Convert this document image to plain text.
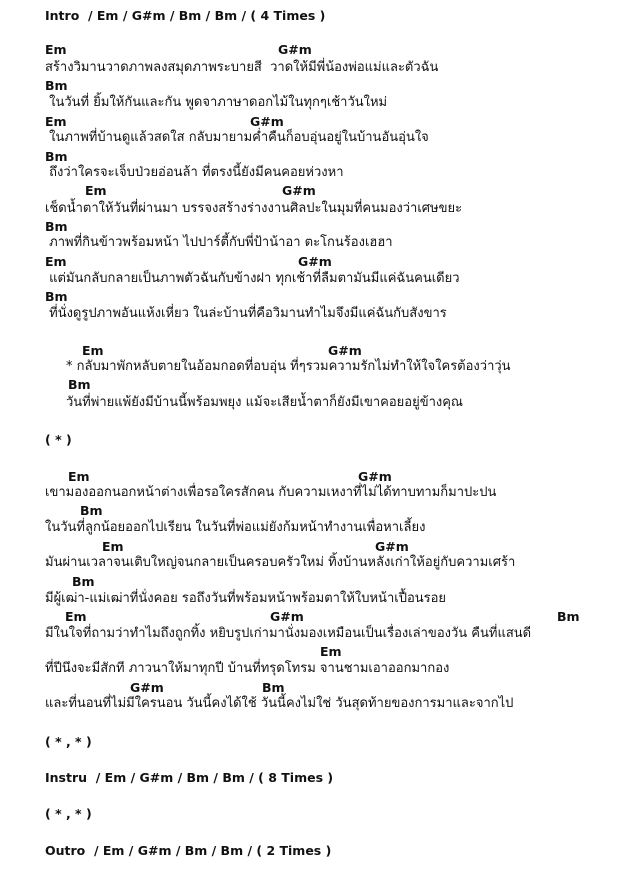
Intro  / Em / G#m / Bm / Bm / ( 4 Times )
Em	G#m
สร้างวิมานวาดภาพลงสมุดภาพระบายสี  วาดให้มีพี่น้องพ่อแม่และตัวฉัน
Bm
ในวันที่ ยิ้มให้กันและกัน พูดจาภาษาดอกไม้ในทุกๆเช้าวันใหม่
Em	G#m
ในภาพที่บ้านดูแล้วสดใส กลับมายามค่ำคืนก็อบอุ่นอยู่ในบ้านอันอุ่นใจ
Bm
ถึงว่าใครจะเจ็บป่วยอ่อนล้า ที่ตรงนี้ยังมีคนคอยห่วงหา
Em	G#m
เช็ดน้ำตาให้วันที่ผ่านมา บรรจงสร้างร่างงานศิลปะในมุมที่คนมองว่าเศษขยะ
Bm
ภาพที่กินข้าวพร้อมหน้า ไปปาร์ตี้กับพี่ป้าน้าอา ตะโกนร้องเฮฮา
Em	G#m
แต่มันกลับกลายเป็นภาพตัวฉันกับข้างฝา ทุกเช้าที่ลืมตามันมีแค่ฉันคนเดียว
Bm
ที่นั่งดูรูปภาพอันแห้งเหี่ยว ในล่ะบ้านที่คือวิมานทำไมจึงมีแค่ฉันกับสังขาร
Em	G#m
* กลับมาพักหลับตายในอ้อมกอดที่อบอุ่น ที่ๆรวมความรักไม่ทำให้ใจใครต้องว่าวุ่น
Bm
วันที่พ่ายแพ้ยังมีบ้านนี้พร้อมพยุง แม้จะเสียน้ำตาก็ยังมีเขาคอยอยู่ข้างคุณ
( * )
Em	G#m
เขามองออกนอกหน้าต่างเพื่อรอใครสักคน กับความเหงาที่ไม่ได้ทาบทามก็มาปะปน
Bm
ในวันที่ลูกน้อยออกไปเรียน ในวันที่พ่อแม่ยังก้มหน้าทำงานเพื่อหาเลี้ยง
Em	G#m
มันผ่านเวลาจนเติบใหญ่จนกลายเป็นครอบครัวใหม่ ทิ้งบ้านหลังเก่าให้อยู่กับความเศร้า
Bm
มีผู้เฒ่า-แม่เฒ่าที่นั่งคอย รอถึงวันที่พร้อมหน้าพร้อมตาให้ใบหน้าเปื้อนรอย
Em	G#m	Bm
มีในใจที่ถามว่าทำไมถึงถูกทิ้ง หยิบรูปเก่ามานั่งมองเหมือนเป็นเรื่องเล่าของวัน คืนที่แสนดี
Em
ที่ปีนึงจะมีสักที ภาวนาให้มาทุกปี บ้านที่ทรุดโทรม จานชามเอาออกมากอง
G#m	Bm
และที่นอนที่ไม่มีใครนอน วันนี้คงได้ใช้ วันนี้คงไม่ใช่ วันสุดท้ายของการมาและจากไป
( * , * )
Instru  / Em / G#m / Bm / Bm / ( 8 Times )
( * , * )
Outro  / Em / G#m / Bm / Bm / ( 2 Times )
